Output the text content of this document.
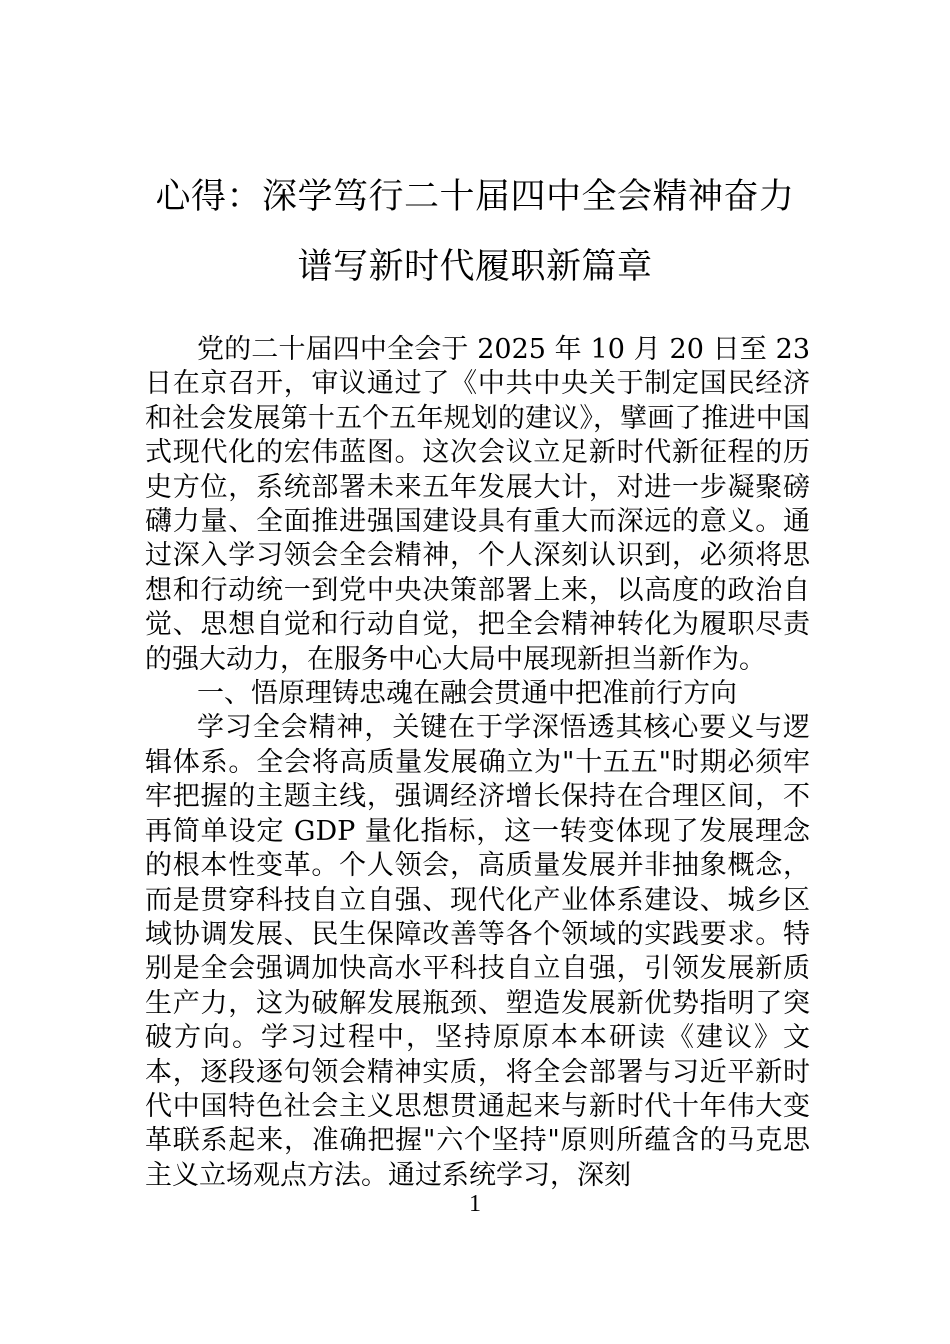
心得：深学笃行二十届四中全会精神奋力
谱写新时代履职新篇章

党的二十届四中全会于 2025 年 10 月 20 日至 23 日在京召开，审议通过了《中共中央关于制定国民经济和社会发展第十五个五年规划的建议》，擘画了推进中国式现代化的宏伟蓝图。这次会议立足新时代新征程的历史方位，系统部署未来五年发展大计，对进一步凝聚磅礴力量、全面推进强国建设具有重大而深远的意义。通过深入学习领会全会精神，个人深刻认识到，必须将思想和行动统一到党中央决策部署上来，以高度的政治自觉、思想自觉和行动自觉，把全会精神转化为履职尽责的强大动力，在服务中心大局中展现新担当新作为。

一、悟原理铸忠魂在融会贯通中把准前行方向

学习全会精神，关键在于学深悟透其核心要义与逻辑体系。全会将高质量发展确立为"十五五"时期必须牢牢把握的主题主线，强调经济增长保持在合理区间，不再简单设定 GDP 量化指标，这一转变体现了发展理念的根本性变革。个人领会，高质量发展并非抽象概念，而是贯穿科技自立自强、现代化产业体系建设、城乡区域协调发展、民生保障改善等各个领域的实践要求。特别是全会强调加快高水平科技自立自强，引领发展新质生产力，这为破解发展瓶颈、塑造发展新优势指明了突破方向。学习过程中，坚持原原本本研读《建议》文本，逐段逐句领会精神实质，将全会部署与习近平新时代中国特色社会主义思想贯通起来与新时代十年伟大变革联系起来，准确把握"六个坚持"原则所蕴含的马克思主义立场观点方法。通过系统学习，深刻

1
